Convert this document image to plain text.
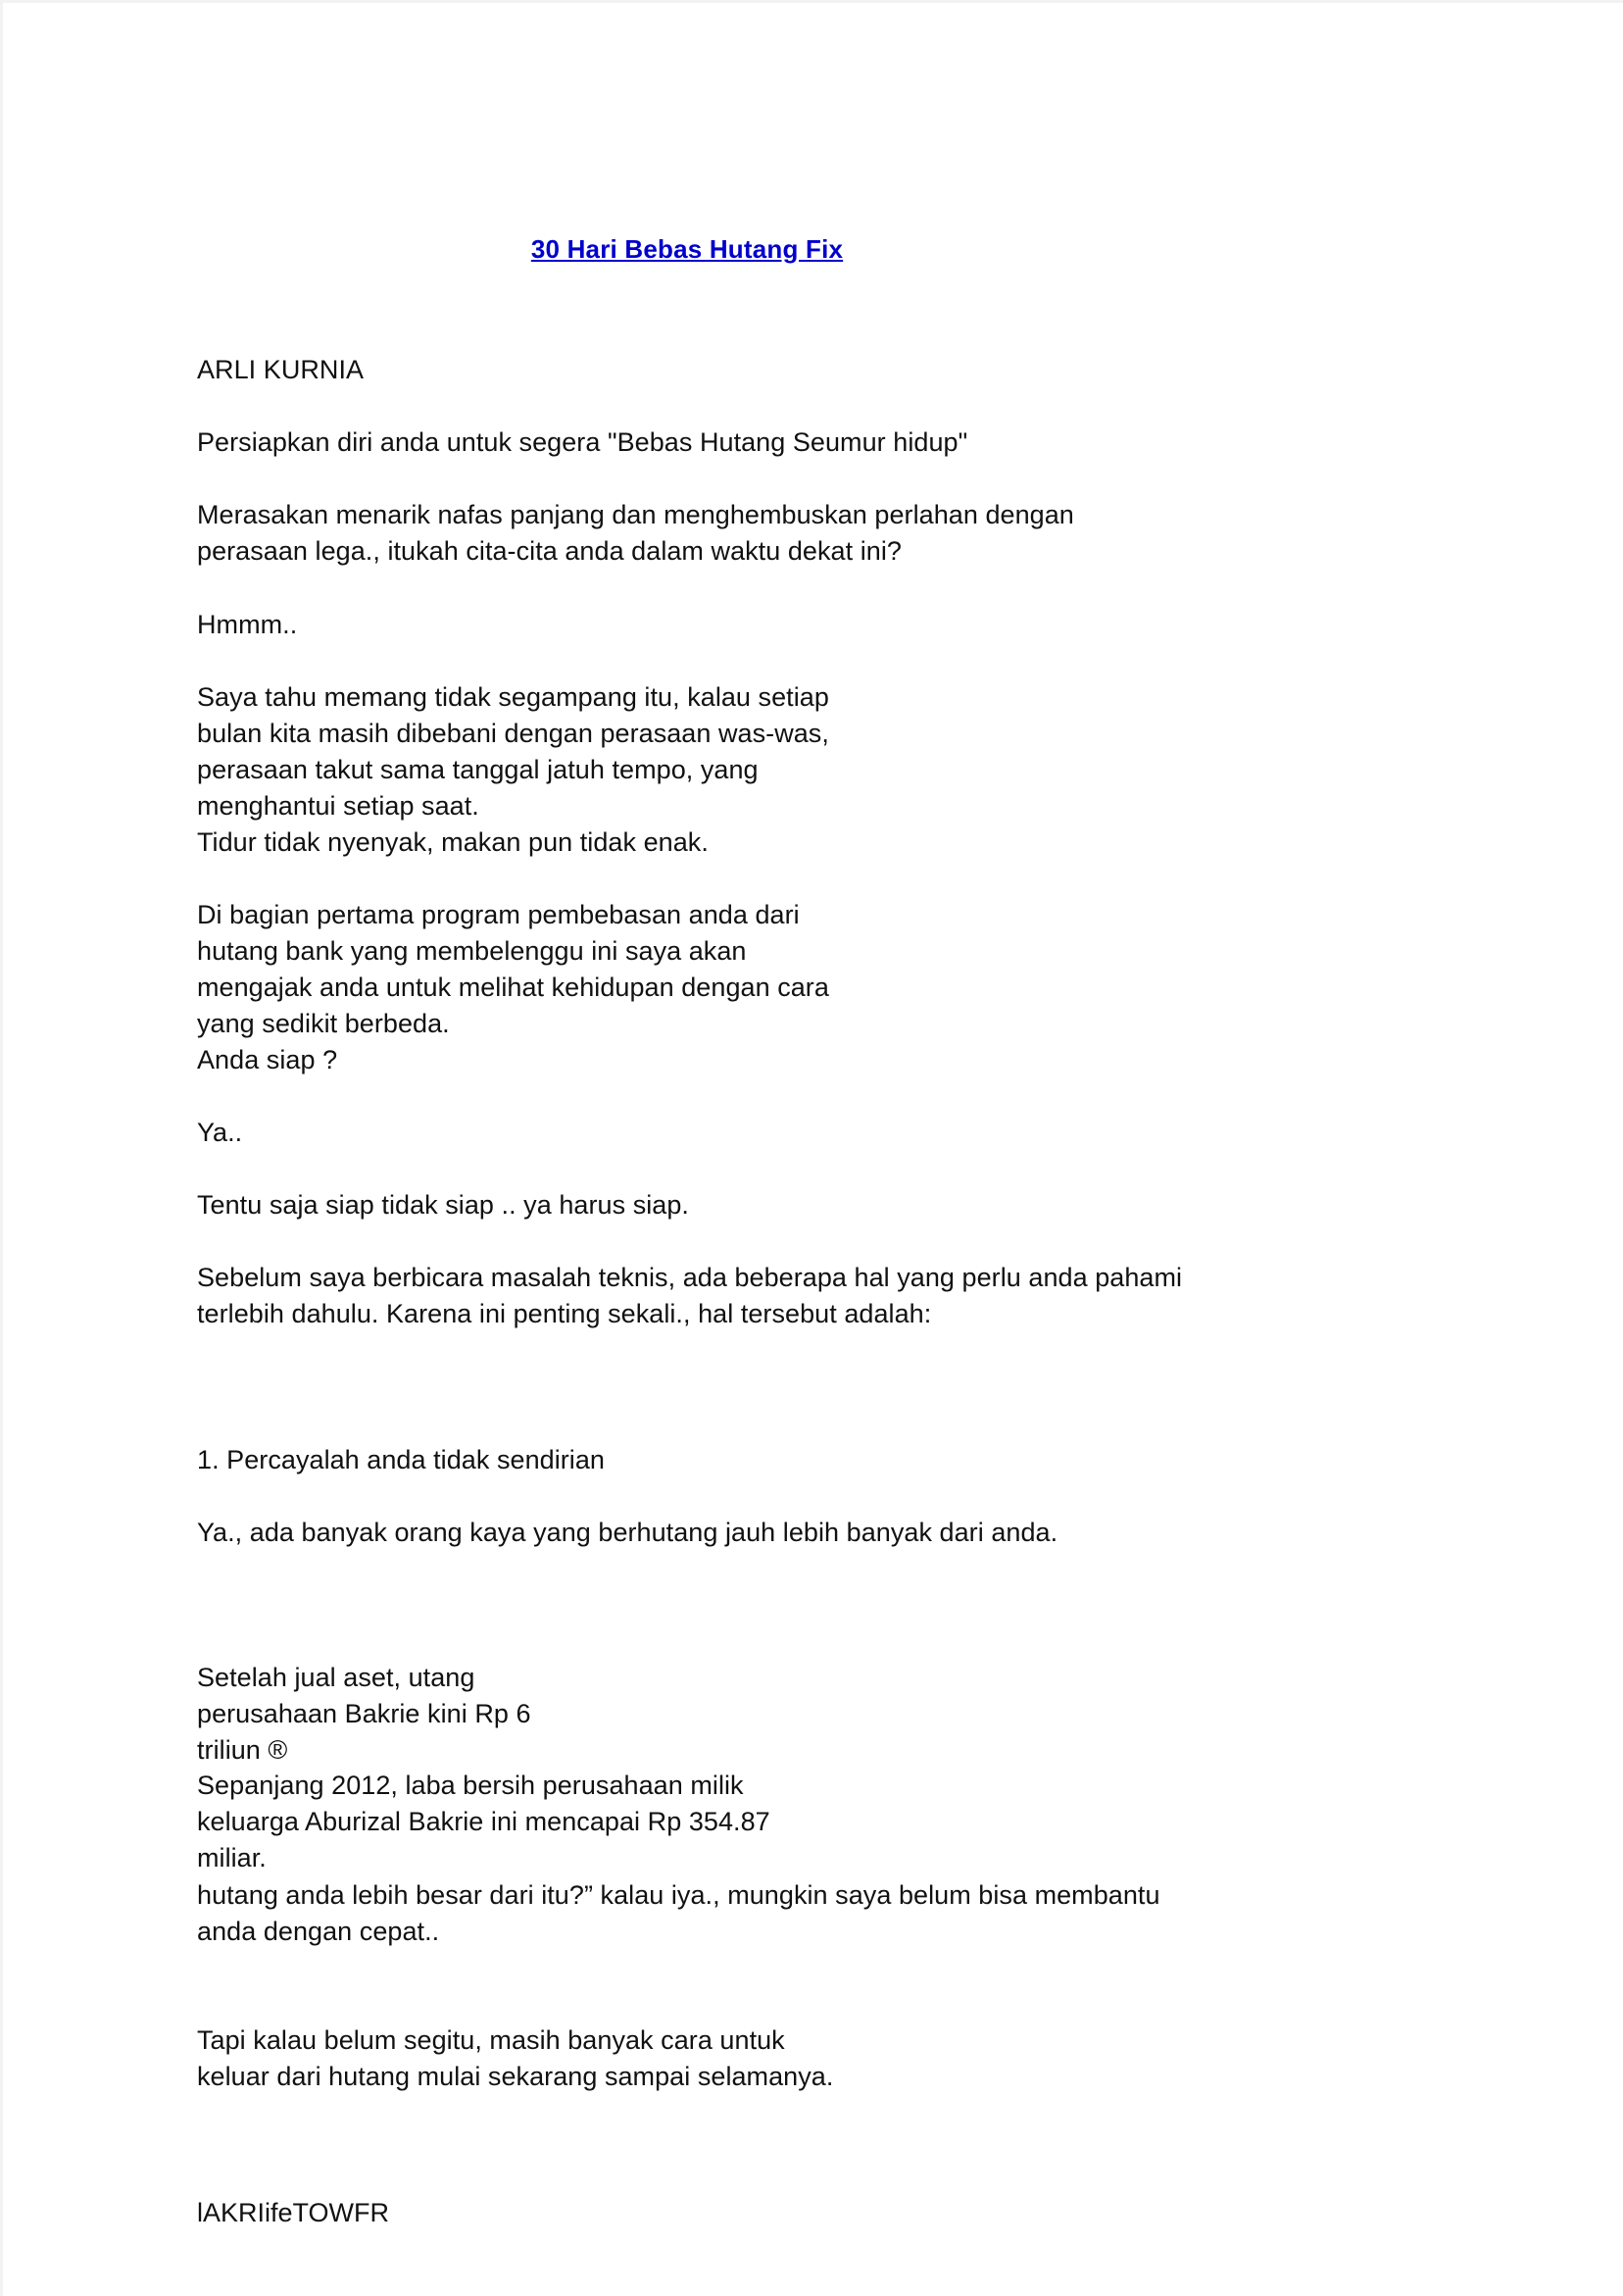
30 Hari Bebas Hutang Fix
ARLI KURNIA
Persiapkan diri anda untuk segera "Bebas Hutang Seumur hidup"
Merasakan menarik nafas panjang dan menghembuskan perlahan dengan perasaan lega., itukah cita-cita anda dalam waktu dekat ini?
Hmmm..
Saya tahu memang tidak segampang itu, kalau setiap bulan kita masih dibebani dengan perasaan was-was, perasaan takut sama tanggal jatuh tempo, yang menghantui setiap saat.
Tidur tidak nyenyak, makan pun tidak enak.
Di bagian pertama program pembebasan anda dari hutang bank yang membelenggu ini saya akan mengajak anda untuk melihat kehidupan dengan cara yang sedikit berbeda.
Anda siap ?
Ya..
Tentu saja siap tidak siap .. ya harus siap.
Sebelum saya berbicara masalah teknis, ada beberapa hal yang perlu anda pahami terlebih dahulu. Karena ini penting sekali., hal tersebut adalah:
1. Percayalah anda tidak sendirian
Ya., ada banyak orang kaya yang berhutang jauh lebih banyak dari anda.
Setelah jual aset, utang perusahaan Bakrie kini Rp 6 triliun ®
Sepanjang 2012, laba bersih perusahaan milik keluarga Aburizal Bakrie ini mencapai Rp 354.87 miliar.
hutang anda lebih besar dari itu?” kalau iya., mungkin saya belum bisa membantu anda dengan cepat..
Tapi kalau belum segitu, masih banyak cara untuk keluar dari hutang mulai sekarang sampai selamanya.
lAKRIifeTOWFR
